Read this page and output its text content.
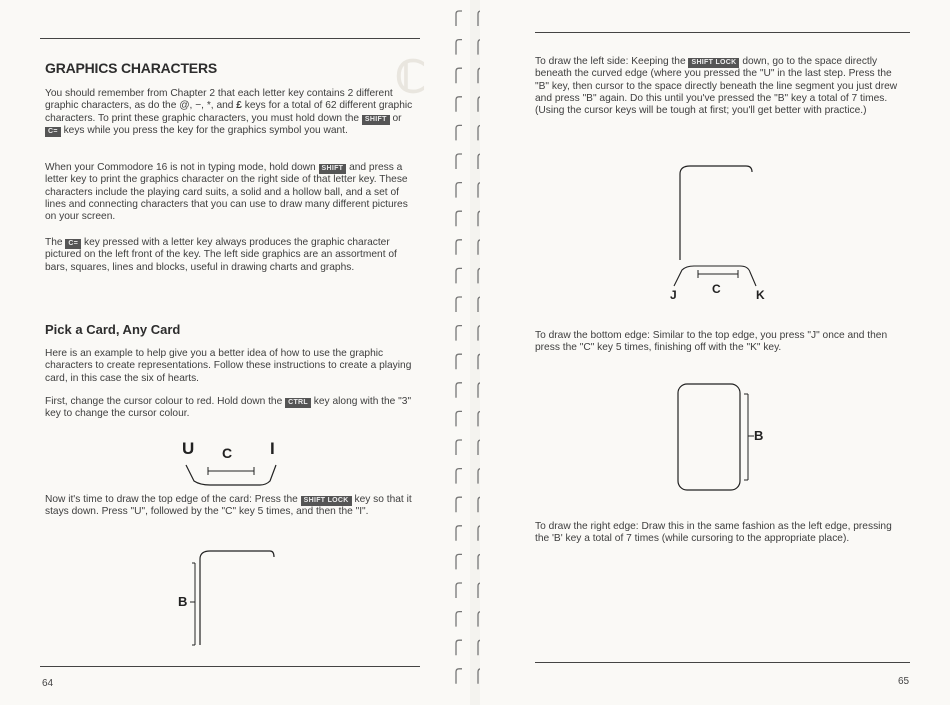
ℂ
GRAPHICS CHARACTERS

You should remember from Chapter 2 that each letter key contains 2 different graphic characters, as do the @, −, *, and £ keys for a total of 62 different graphic characters. To print these graphic characters, you must hold down the SHIFT or C= keys while you press the key for the graphics symbol you want.

When your Commodore 16 is not in typing mode, hold down SHIFT and press a letter key to print the graphics character on the right side of that letter key. These characters include the playing card suits, a solid and a hollow ball, and a set of lines and connecting characters that you can use to draw many different pictures on your screen.

The C= key pressed with a letter key always produces the graphic character pictured on the left front of the key. The left side graphics are an assortment of bars, squares, lines and blocks, useful in drawing charts and graphs.

Pick a Card, Any Card

Here is an example to help give you a better idea of how to use the graphic characters to create representations. Follow these instructions to create a playing card, in this case the six of hearts.

First, change the cursor colour to red. Hold down the CTRL key along with the "3" key to change the cursor colour.

U C I

Now it's time to draw the top edge of the card: Press the SHIFT LOCK key so that it stays down. Press "U", followed by the "C" key 5 times, and then the "I".

B
64

To draw the left side: Keeping the SHIFT LOCK down, go to the space directly beneath the curved edge (where you pressed the "U" in the last step. Press the "B" key, then cursor to the space directly beneath the line segment you just drew and press "B" again. Do this until you've pressed the "B" key a total of 7 times. (Using the cursor keys will be tough at first; you'll get better with practice.)

J	C	K

To draw the bottom edge: Similar to the top edge, you press "J" once and then press the "C" key 5 times, finishing off with the "K" key.

B

To draw the right edge: Draw this in the same fashion as the left edge, pressing the 'B' key a total of 7 times (while cursoring to the appropriate place).

65
